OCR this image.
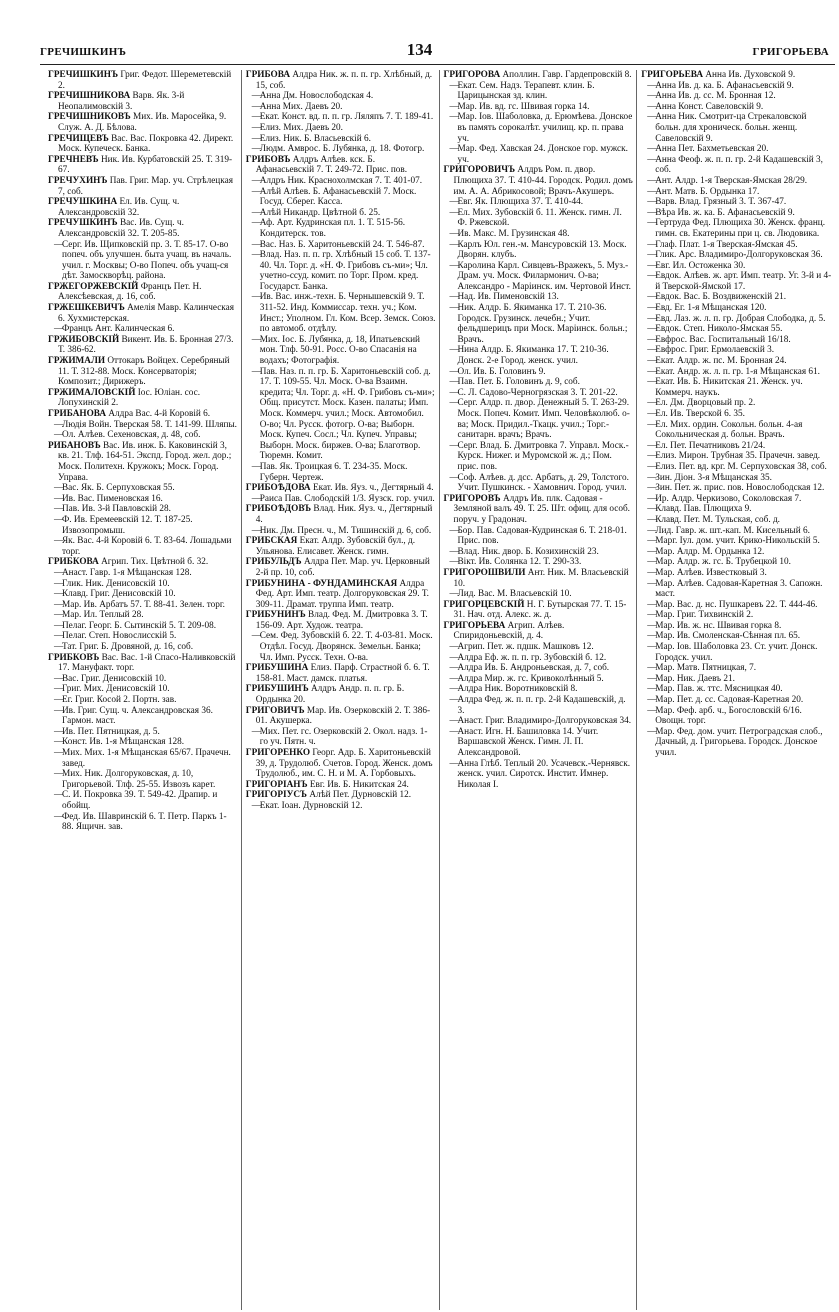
ГРЕЧИШКИНЪ	134	ГРИГОРЬЕВА

ГРЕЧИШКИНЪ Григ. Федот. Шереметевскій 2.

ГРЕЧИШНИКОВА Варв. Як. 3-й Неопалимовскій 3.

ГРЕЧИШНИКОВЪ Мих. Ив. Маросейка, 9. Служ. А. Д. Бѣлова.

ГРЕЧИЩЕВЪ Вас. Вас. Покровка 42. Директ. Моск. Купеческ. Банка.

ГРЕЧНЕВЪ Ник. Ив. Курбатовскій 25. Т. 319-67.

ГРЕЧУХИНЪ Пав. Григ. Мар. уч. Стрѣлецкая 7, соб.

ГРЕЧУШКИНА Ел. Ив. Сущ. ч. Александровскій 32.

ГРЕЧУШКИНЪ Вас. Ив. Сущ. ч. Александровскій 32. Т. 205-85.

—Серг. Ив. Щипковскій пр. 3. Т. 85-17. О-во попеч. объ улучшен. быта учащ. въ началь. учил. г. Москвы; О-во Попеч. объ учащ-ся дѣт. Замоскворѣц. района.

ГРЖЕГОРЖЕВСКІЙ Францъ Пет. Н. Алексѣевская, д. 16, соб.

ГРЖЕШКЕВИЧЪ Амелія Мавр. Калинческая 6. Хухмистерская.

—Францъ Ант. Калинческая 6.

ГРЖИБОВСКІЙ Викент. Ив. Б. Бронная 27/3. Т. 386-62.

ГРЖИМАЛИ Оттокаръ Войцех. Серебряный 11. Т. 312-88. Моск. Консерваторія; Композит.; Дирижеръ.

ГРЖИМАЛОВСКІЙ Іос. Юліан. сос. Лопухинскій 2.

ГРИБАНОВА Алдра Вас. 4-й Коровій 6.

—Людія Войн. Тверская 58. Т. 141-99. Шляпы.

—Ол. Алѣев. Сехеновская, д. 48, соб.

РИБАНОВЪ Вас. Ив. инж. Б. Каковинскій 3, кв. 21. Тлф. 164-51. Экспд. Город. жел. дор.; Моск. Политехн. Кружокъ; Моск. Город. Управа.

—Вас. Як. Б. Серпуховская 55.

—Ив. Вас. Пименовская 16.

—Пав. Ив. 3-й Павловскій 28.

—Ф. Ив. Еремеевскій 12. Т. 187-25. Извозопромыш.

—Як. Вас. 4-й Коровій 6. Т. 83-64. Лошадьми торг.

ГРИБКОВА Агрип. Тих. Цвѣтной б. 32.

—Анаст. Гавр. 1-я Мѣщанская 128.

—Глик. Ник. Денисовскій 10.

—Клавд. Григ. Денисовскій 10.

—Мар. Ив. Арбатъ 57. Т. 88-41. Зелен. торг.

—Мар. Ил. Теплый 28.

—Пелаг. Георг. Б. Сытинскій 5. Т. 209-08.

—Пелаг. Степ. Новослисскій 5.

—Тат. Григ. Б. Дровяной, д. 16, соб.

ГРИБКОВЪ Вас. Вас. 1-й Спасо-Наливковскій 17. Мануфакт. торг.

—Вас. Григ. Денисовскій 10.

—Григ. Мих. Денисовскій 10.

—Ег. Григ. Косой 2. Портн. зав.

—Ив. Григ. Сущ. ч. Александровская 36. Гармон. маст.

—Ив. Пет. Пятницкая, д. 5.

—Конст. Ив. 1-я Мѣщанская 128.

—Мих. Мих. 1-я Мѣщанская 65/67. Прачечн. завед.

—Мих. Ник. Долгоруковская, д. 10, Григорьевой. Тлф. 25-55. Извозъ карет.

—С. И. Покровка 39. Т. 549-42. Драпир. и обойщ.

—Фед. Ив. Шавринскій 6. Т. Петр. Паркъ 1-88. Ящичн. зав.

ГРИБОВА Алдра Ник. ж. п. п. гр. Хлѣбный, д. 15, соб.

—Анна Дм. Новослободская 4.

—Анна Мих. Даевъ 20.

—Екат. Конст. вд. п. п. гр. Ляляпъ 7. Т. 189-41.

—Елиз. Мих. Даевъ 20.

—Елиз. Ник. Б. Власьевскій 6.

—Людм. Амврос. Б. Лубянка, д. 18. Фотогр.

ГРИБОВЪ Алдръ Алѣев. кск. Б. Афанасьевскій 7. Т. 249-72. Прис. пов.

—Алдръ Ник. Краснохолмская 7. Т. 401-07.

—Алѣй Алѣев. Б. Афанасьевскій 7. Моск. Госуд. Сберег. Касса.

—Алѣй Никандр. Цвѣтной б. 25.

—Аф. Арт. Кудринская пл. 1. Т. 515-56. Кондитерск. тов.

—Вас. Наз. Б. Харитоньевскій 24. Т. 546-87.

—Влад. Наз. п. п. гр. Хлѣбный 15 соб. Т. 137-40. Чл. Торг. д. «Н. Ф. Грибовъ съ-ми»; Чл. учетно-ссуд. комит. по Торг. Пром. кред. Государст. Банка.

—Ив. Вас. инж.-техн. Б. Чернышевскій 9. Т. 311-52. Инд. Коммиссар. техн. уч.; Ком. Инст.; Уполном. Гл. Ком. Всер. Земск. Союз. по автомоб. отдѣлу.

—Мих. Іос. Б. Лубянка, д. 18, Ипатьевский мон. Тлф. 50-91. Росс. О-во Спасанія на водахъ; Фотографія.

—Пав. Наз. п. п. гр. Б. Харитоньевскій соб. д. 17. Т. 109-55. Чл. Моск. О-ва Взаимн. кредита; Чл. Торг. д. «Н. Ф. Грибовъ съ-ми»; Общ. присутст. Моск. Казен. палаты; Имп. Моск. Коммерч. учил.; Моск. Автомобил. О-во; Чл. Русск. фотогр. О-ва; Выборн. Моск. Купеч. Сосл.; Чл. Купеч. Управы; Выборн. Моск. биржев. О-ва; Благотвор. Тюремн. Комит.

—Пав. Як. Троицкая 6. Т. 234-35. Моск. Губерн. Чертеж.

ГРИБОѢДОВА Екат. Ив. Яуз. ч., Дегтярный 4.

—Раиса Пав. Слободскій 1/3. Яузск. гор. учил.

ГРИБОѢДОВЪ Влад. Ник. Яуз. ч., Дегтярный 4.

—Ник. Дм. Пресн. ч., М. Тишинскій д. 6, соб.

ГРИБСКАЯ Екат. Алдр. Зубовскій бул., д. Ульянова. Елисавет. Женск. гимн.

ГРИБУЛЬДЪ Алдра Пет. Мар. уч. Церковный 2-й пр. 10, соб.

ГРИБУНИНА - ФУНДАМИНСКАЯ Алдра Фед. Арт. Имп. театр. Долгоруковская 29. Т. 309-11. Драмат. труппа Имп. театр.

ГРИБУНИНЪ Влад. Фед. М. Дмитровка 3. Т. 156-09. Арт. Худож. театра.

—Сем. Фед. Зубовскій б. 22. Т. 4-03-81. Моск. Отдѣл. Госуд. Дворянск. Земельн. Банка; Чл. Имп. Русск. Техн. О-ва.

ГРИБУШИНА Елиз. Парф. Страстной б. 6. Т. 158-81. Маст. дамск. платья.

ГРИБУШИНЪ Алдръ Андр. п. п. гр. Б. Ордынка 20.

ГРИГОВИЧЪ Мар. Ив. Озерковскій 2. Т. 386-01. Акушерка.

—Мих. Пет. гс. Озерковскій 2. Окол. надз. 1-го уч. Пятн. ч.

ГРИГОРЕНКО Георг. Адр. Б. Харитоньевскій 39, д. Трудолюб. Счетов. Город. Женск. домъ Трудолюб., им. С. Н. и М. А. Горбовыхъ.

ГРИГОРІАНЪ Евг. Ив. Б. Никитская 24.

ГРИГОРІУСЪ Алѣй Пет. Дурновскій 12.

—Екат. Іоан. Дурновскій 12.

ГРИГОРОВА Аполлин. Гавр. Гардепровскій 8.

—Екат. Сем. Надз. Терапевт. клин. Б. Царицынская зд. клин.

—Мар. Ив. вд. гс. Швивая горка 14.

—Мар. Іов. Шаболовка, д. Ерюмѣева. Донское въ память сорокалѣт. училищ. кр. п. права уч.

—Мар. Фед. Хавская 24. Донское гор. мужск. уч.

ГРИГОРОВИЧЪ Алдръ Ром. п. двор. Плющиха 37. Т. 410-44. Городск. Родил. домъ им. А. А. Абрикосовой; Врачъ-Акушеръ.

—Евг. Як. Плющиха 37. Т. 410-44.

—Ел. Мих. Зубовскій б. 11. Женск. гимн. Л. Ф. Ржевской.

—Ив. Макс. М. Грузинская 48.

—Карлъ Юл. ген.-м. Мансуровскій 13. Моск. Дворян. клубъ.

—Каролина Карл. Сивцевъ-Вражекъ, 5. Муз.-Драм. уч. Моск. Филармонич. О-ва; Александро - Маріинск. им. Чертовой Инст.

—Над. Ив. Пименовскій 13.

—Ник. Алдр. Б. Якиманка 17. Т. 210-36. Городск. Грузинск. лечебн.; Учит. фельдшерицъ при Моск. Маріинск. больн.; Врачъ.

—Нина Алдр. Б. Якиманка 17. Т. 210-36. Донск. 2-е Город. женск. учил.

—Ол. Ив. Б. Головинъ 9.

—Пав. Пет. Б. Головинъ д. 9, соб.

—С. Л. Садово-Черногрязская 3. Т. 201-22.

—Серг. Алдр. п. двор. Денежный 5. Т. 263-29. Моск. Попеч. Комит. Имп. Человѣколюб. о-ва; Моск. Придил.-Ткацк. учил.; Торг.-санитарн. врачъ; Врачъ.

—Серг. Влад. Б. Дмитровка 7. Управл. Моск.-Курск. Нижег. и Муромской ж. д.; Пом. прис. пов.

—Соф. Алѣев. д. дсс. Арбатъ, д. 29, Толстого. Учит. Пушкинск. - Хамовнич. Город. учил.

ГРИГОРОВЪ Алдръ Ив. плк. Садовая - Земляной валъ 49. Т. 25. Шт. офиц. для особ. поруч. у Градонач.

—Бор. Пав. Садовая-Кудринская 6. Т. 218-01. Прис. пов.

—Влад. Ник. двор. Б. Козихинскій 23.

—Вікт. Ив. Солянка 12. Т. 290-33.

ГРИГОРОШВИЛИ Ант. Ник. М. Власьевскій 10.

—Лид. Вас. М. Власьевскій 10.

ГРИГОРЦЕВСКІЙ Н. Г. Бутырская 77. Т. 15-31. Нач. отд. Алекс. ж. д.

ГРИГОРЬЕВА Агрип. Алѣев. Спиридоньевскій, д. 4.

—Агрип. Пет. ж. пдшк. Машковъ 12.

—Алдра Еф. ж. п. п. гр. Зубовскій б. 12.

—Алдра Ив. Б. Андроньевская, д. 7, соб.

—Алдра Мир. ж. гс. Кривоколѣнный 5.

—Алдра Ник. Воротниковскій 8.

—Алдра Фед. ж. п. п. гр. 2-й Кадашевскій, д. 3.

—Анаст. Григ. Владимиро-Долгоруковская 34.

—Анаст. Игн. Н. Башиловка 14. Учит. Варшавской Женск. Гимн. Л. П. Александровой.

—Анна Глѣб. Теплый 20. Усачевск.-Чернявск. женск. учил. Сиротск. Инстит. Имнер. Николая І.

ГРИГОРЬЕВА Анна Ив. Духовской 9.

—Анна Ив. д. ка. Б. Афанасьевскій 9.

—Анна Ив. д. сс. М. Бронная 12.

—Анна Конст. Савеловскій 9.

—Анна Ник. Смотрит-ца Стрекаловской больн. для хроническ. больн. женщ. Савеловскій 9.

—Анна Пет. Бахметьевская 20.

—Анна Феоф. ж. п. п. гр. 2-й Кадашевскій 3, соб.

—Ант. Алдр. 1-я Тверская-Ямская 28/29.

—Ант. Матв. Б. Ордынка 17.

—Варв. Влад. Грязный 3. Т. 367-47.

—Вѣра Ив. ж. ка. Б. Афанасьевскій 9.

—Гертруда Фед. Плющиха 30. Женск. франц. гимн. св. Екатерины при ц. св. Людовика.

—Глаф. Плат. 1-я Тверская-Ямская 45.

—Глик. Арс. Владимиро-Долгоруковская 36.

—Евг. Ил. Остоженка 30.

—Евдок. Алѣев. ж. арт. Имп. театр. Уг. 3-й и 4-й Тверской-Ямской 17.

—Евдок. Вас. Б. Воздвиженскій 21.

—Евд. Ег. 1-я Мѣщанская 120.

—Евд. Лаз. ж. л. п. гр. Добрая Слободка, д. 5.

—Евдок. Степ. Николо-Ямская 55.

—Евфрос. Вас. Госпитальный 16/18.

—Евфрос. Григ. Ермолаевскій 3.

—Екат. Алдр. ж. пс. М. Бронная 24.

—Екат. Андр. ж. л. п. гр. 1-я Мѣщанская 61.

—Екат. Ив. Б. Никитская 21. Женск. уч. Коммерч. наукъ.

—Ел. Дм. Дворцовый пр. 2.

—Ел. Ив. Тверской 6. 35.

—Ел. Мих. ордин. Сокольн. больн. 4-ая Сокольническая д. больн. Врачъ.

—Ел. Пет. Печатниковъ 21/24.

—Елиз. Мирон. Трубная 35. Прачечн. завед.

—Елиз. Пет. вд. крг. М. Серпуховская 38, соб.

—Зин. Діон. 3-я Мѣщанская 35.

—Зин. Пет. ж. прис. пов. Новослободская 12.

—Ир. Алдр. Черкизово, Соколовская 7.

—Клавд. Пав. Плющиха 9.

—Клавд. Пет. М. Тульская, соб. д.

—Лид. Гавр. ж. шт.-кап. М. Кисельный 6.

—Марг. Іул. дом. учит. Крико-Никольскій 5.

—Мар. Алдр. М. Ордынка 12.

—Мар. Алдр. ж. гс. Б. Трубецкой 10.

—Мар. Алѣев. Известковый 3.

—Мар. Алѣев. Садовая-Каретная 3. Сапожн. маст.

—Мар. Вас. д. нс. Пушкаревъ 22. Т. 444-46.

—Мар. Григ. Тихвинскій 2.

—Мар. Ив. ж. нс. Швивая горка 8.

—Мар. Ив. Смоленская-Сѣнная пл. 65.

—Мар. Іов. Шаболовка 23. Ст. учит. Донск. Городск. учил.

—Мар. Матв. Пятницкая, 7.

—Мар. Ник. Даевъ 21.

—Мар. Пав. ж. ттс. Мясницкая 40.

—Мар. Пет. д. сс. Садовая-Каретная 20.

—Мар. Феф. арб. ч., Богословскій 6/16. Овощн. торг.

—Мар. Фед. дом. учит. Петроградская слоб., Дачный, д. Григорьева. Городск. Донское учил.
